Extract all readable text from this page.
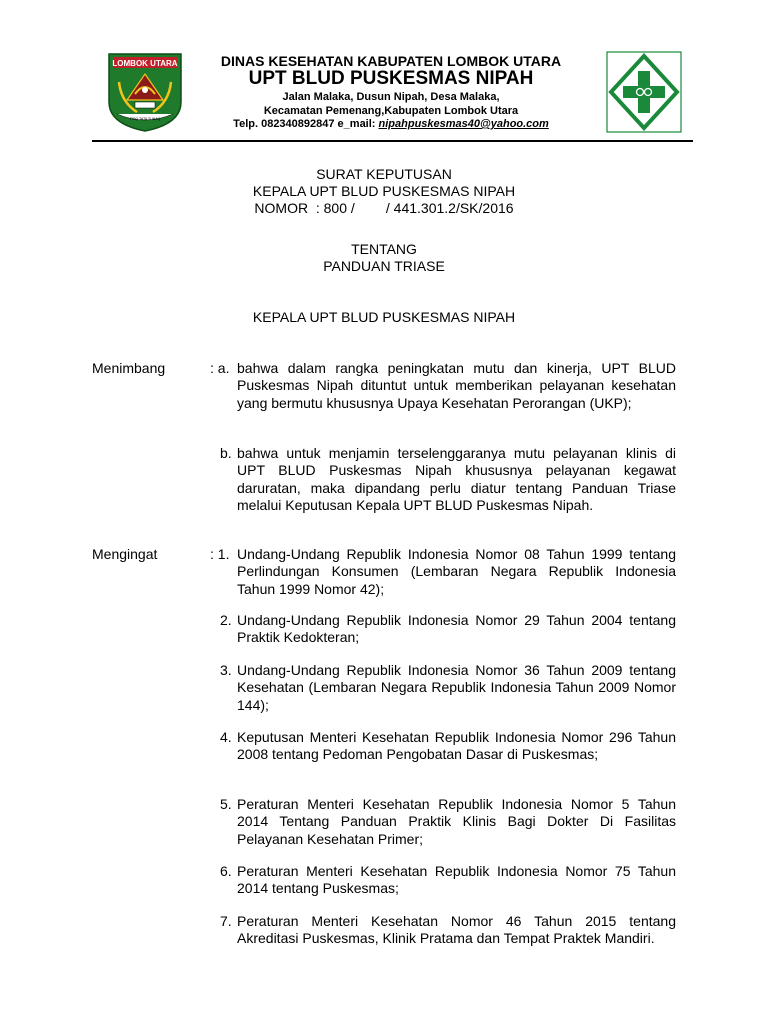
LOMBOK UTARA
TIOQ TATA TUNAQ
DINAS KESEHATAN KABUPATEN LOMBOK UTARA
UPT BLUD PUSKESMAS NIPAH
Jalan Malaka, Dusun Nipah, Desa Malaka,
Kecamatan Pemenang,Kabupaten Lombok Utara
Telp. 082340892847 e_mail: nipahpuskesmas40@yahoo.com
SURAT KEPUTUSAN
KEPALA UPT BLUD PUSKESMAS NIPAH
NOMOR  : 800 /        / 441.301.2/SK/2016
TENTANG
PANDUAN TRIASE
KEPALA UPT BLUD PUSKESMAS NIPAH
Menimbang	: a. bahwa dalam rangka peningkatan mutu dan kinerja, UPT BLUD Puskesmas Nipah dituntut untuk memberikan pelayanan kesehatan yang bermutu khususnya Upaya Kesehatan Perorangan (UKP);
b. bahwa untuk menjamin terselenggaranya mutu pelayanan klinis di UPT BLUD Puskesmas Nipah khususnya pelayanan kegawat daruratan, maka dipandang perlu diatur tentang Panduan Triase melalui Keputusan Kepala UPT BLUD Puskesmas Nipah.
Mengingat	: 1. Undang-Undang Republik Indonesia Nomor 08 Tahun 1999 tentang Perlindungan Konsumen (Lembaran Negara Republik Indonesia Tahun 1999 Nomor 42);
2. Undang-Undang Republik Indonesia Nomor 29 Tahun 2004 tentang Praktik Kedokteran;
3. Undang-Undang Republik Indonesia Nomor 36 Tahun 2009 tentang Kesehatan (Lembaran Negara Republik Indonesia Tahun 2009 Nomor 144);
4. Keputusan Menteri Kesehatan Republik Indonesia Nomor 296 Tahun 2008 tentang Pedoman Pengobatan Dasar di Puskesmas;
5. Peraturan Menteri Kesehatan Republik Indonesia Nomor 5 Tahun 2014 Tentang Panduan Praktik Klinis Bagi Dokter Di Fasilitas Pelayanan Kesehatan Primer;
6. Peraturan Menteri Kesehatan Republik Indonesia Nomor 75 Tahun 2014 tentang Puskesmas;
7. Peraturan Menteri Kesehatan Nomor 46 Tahun 2015 tentang Akreditasi Puskesmas, Klinik Pratama dan Tempat Praktek Mandiri.
